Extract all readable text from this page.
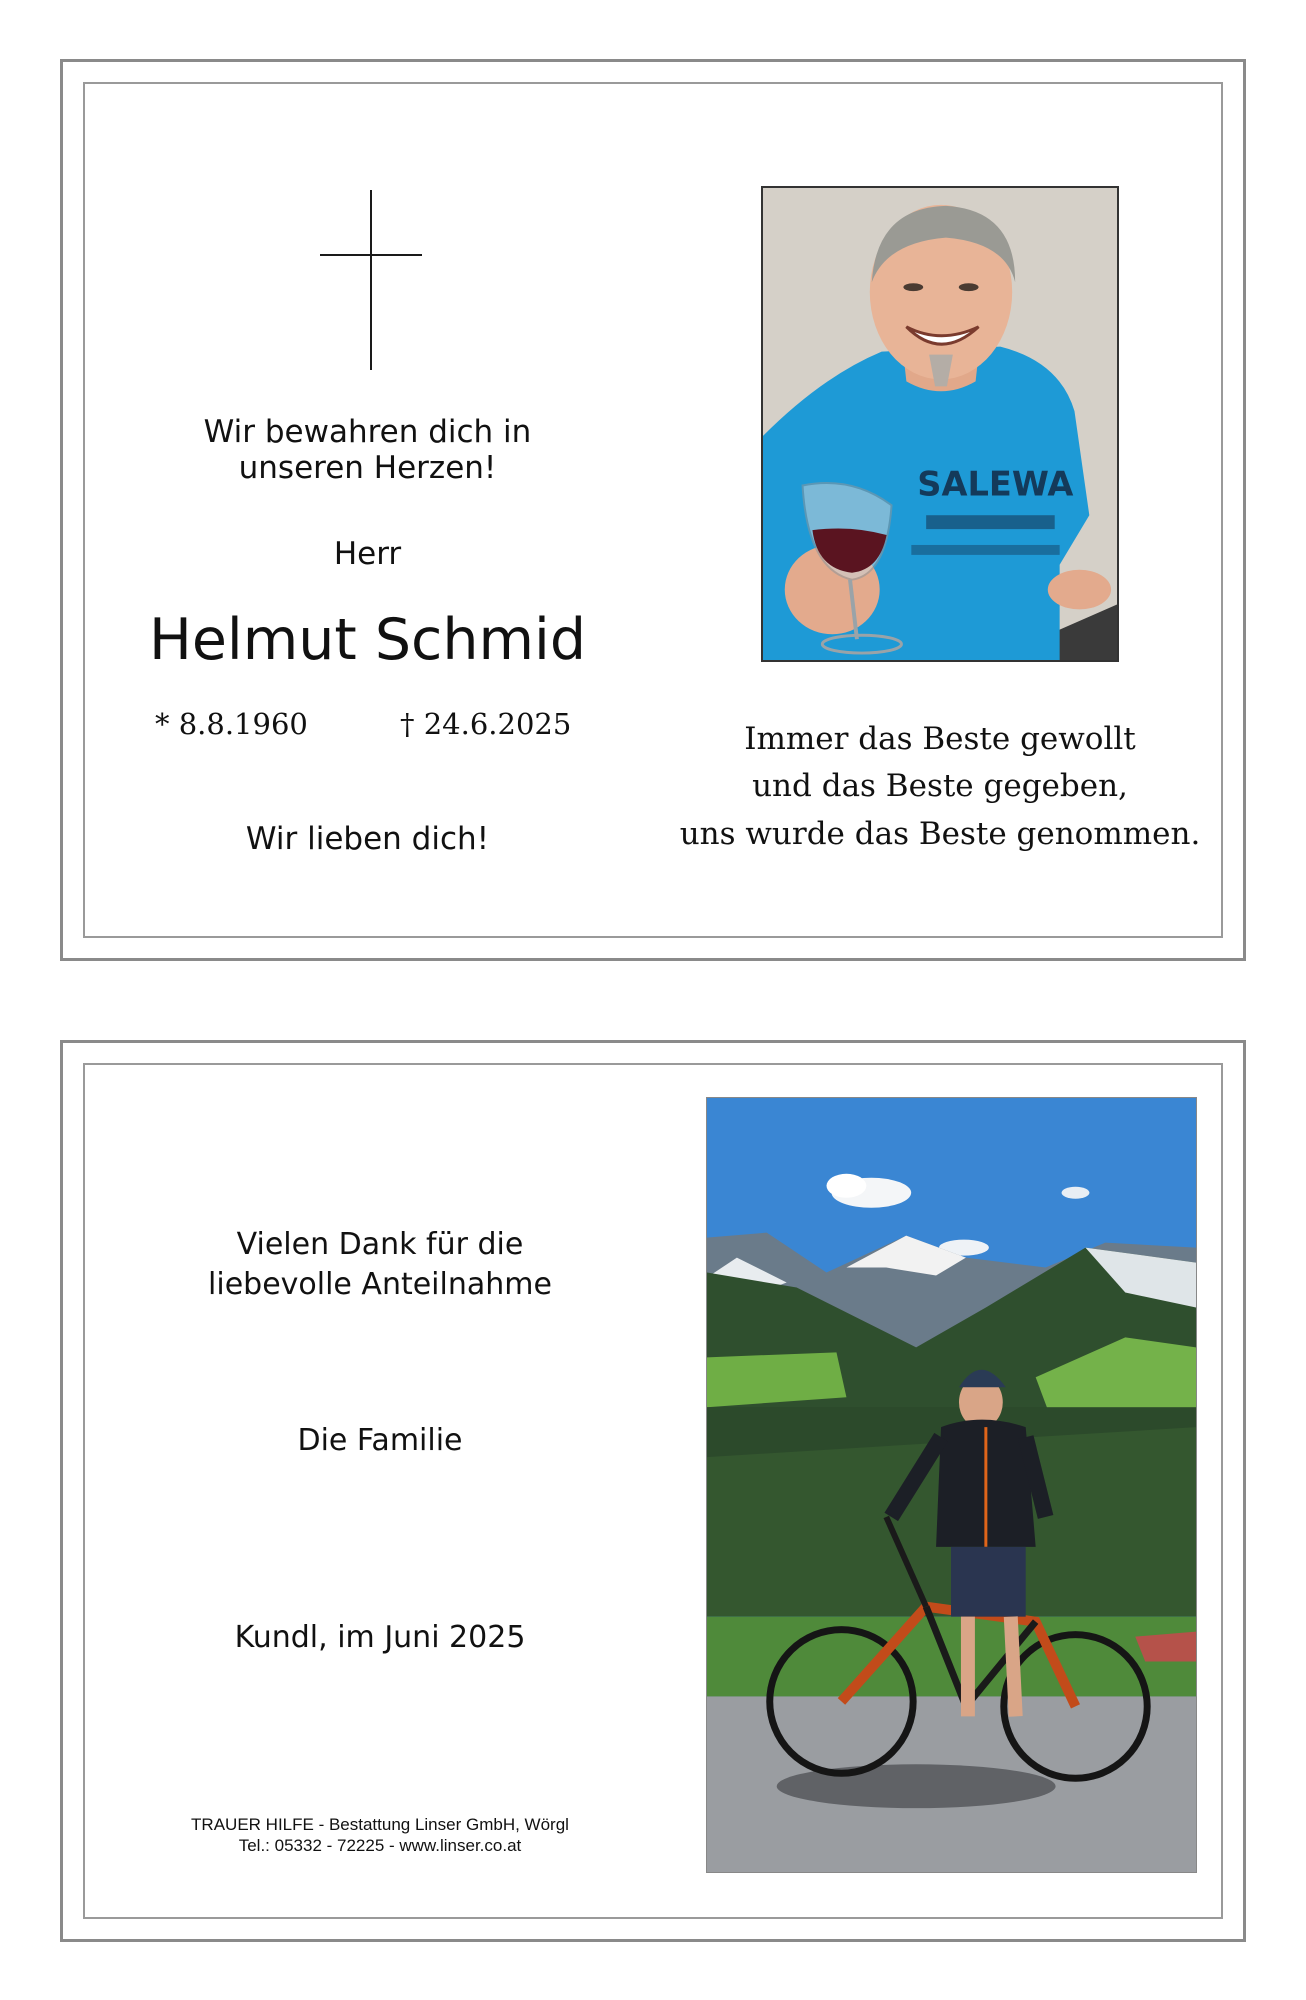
Wir bewahren dich in
unseren Herzen!
Herr
Helmut Schmid
* 8.8.1960	† 24.6.2025
Wir lieben dich!
SALEWA
Immer das Beste gewollt
und das Beste gegeben,
uns wurde das Beste genommen.
Vielen Dank für die
liebevolle Anteilnahme
Die Familie
Kundl, im Juni 2025
TRAUER HILFE - Bestattung Linser GmbH, Wörgl
Tel.: 05332 - 72225 - www.linser.co.at
